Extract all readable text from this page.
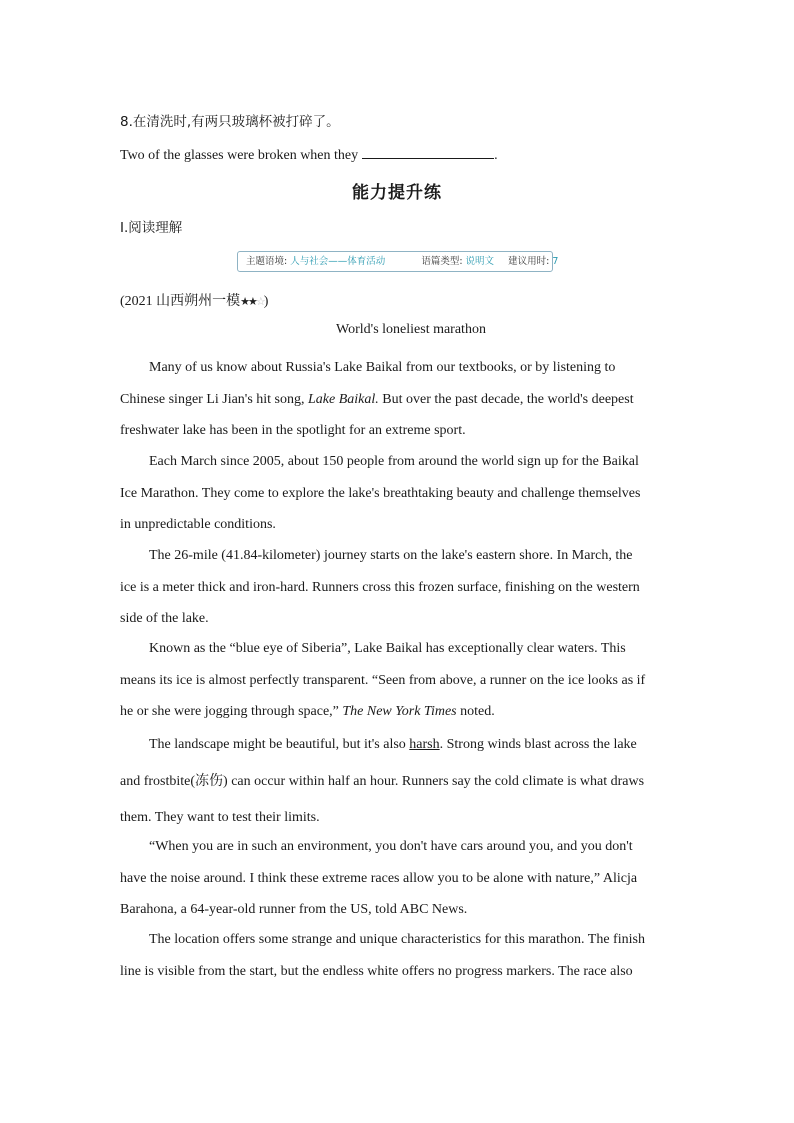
8.在清洗时,有两只玻璃杯被打碎了。
Two of the glasses were broken when they	.
能力提升练
Ⅰ.阅读理解
主题语境: 人与社会——体育活动	语篇类型: 说明文 建议用时: 7
(2021 山西朔州一模★★☆)
World's loneliest marathon
Many of us know about Russia's Lake Baikal from our textbooks, or by listening to
Chinese singer Li Jian's hit song, Lake Baikal. But over the past decade, the world's deepest
freshwater lake has been in the spotlight for an extreme sport.
Each March since 2005, about 150 people from around the world sign up for the Baikal
Ice Marathon. They come to explore the lake's breathtaking beauty and challenge themselves
in unpredictable conditions.
The 26-mile (41.84-kilometer) journey starts on the lake's eastern shore. In March, the
ice is a meter thick and iron-hard. Runners cross this frozen surface, finishing on the western
side of the lake.
Known as the “blue eye of Siberia”, Lake Baikal has exceptionally clear waters. This
means its ice is almost perfectly transparent. “Seen from above, a runner on the ice looks as if
he or she were jogging through space,” The New York Times noted.
The landscape might be beautiful, but it's also harsh. Strong winds blast across the lake
and frostbite(冻伤) can occur within half an hour. Runners say the cold climate is what draws
them. They want to test their limits.
“When you are in such an environment, you don't have cars around you, and you don't
have the noise around. I think these extreme races allow you to be alone with nature,” Alicja
Barahona, a 64-year-old runner from the US, told ABC News.
The location offers some strange and unique characteristics for this marathon. The finish
line is visible from the start, but the endless white offers no progress markers. The race also
